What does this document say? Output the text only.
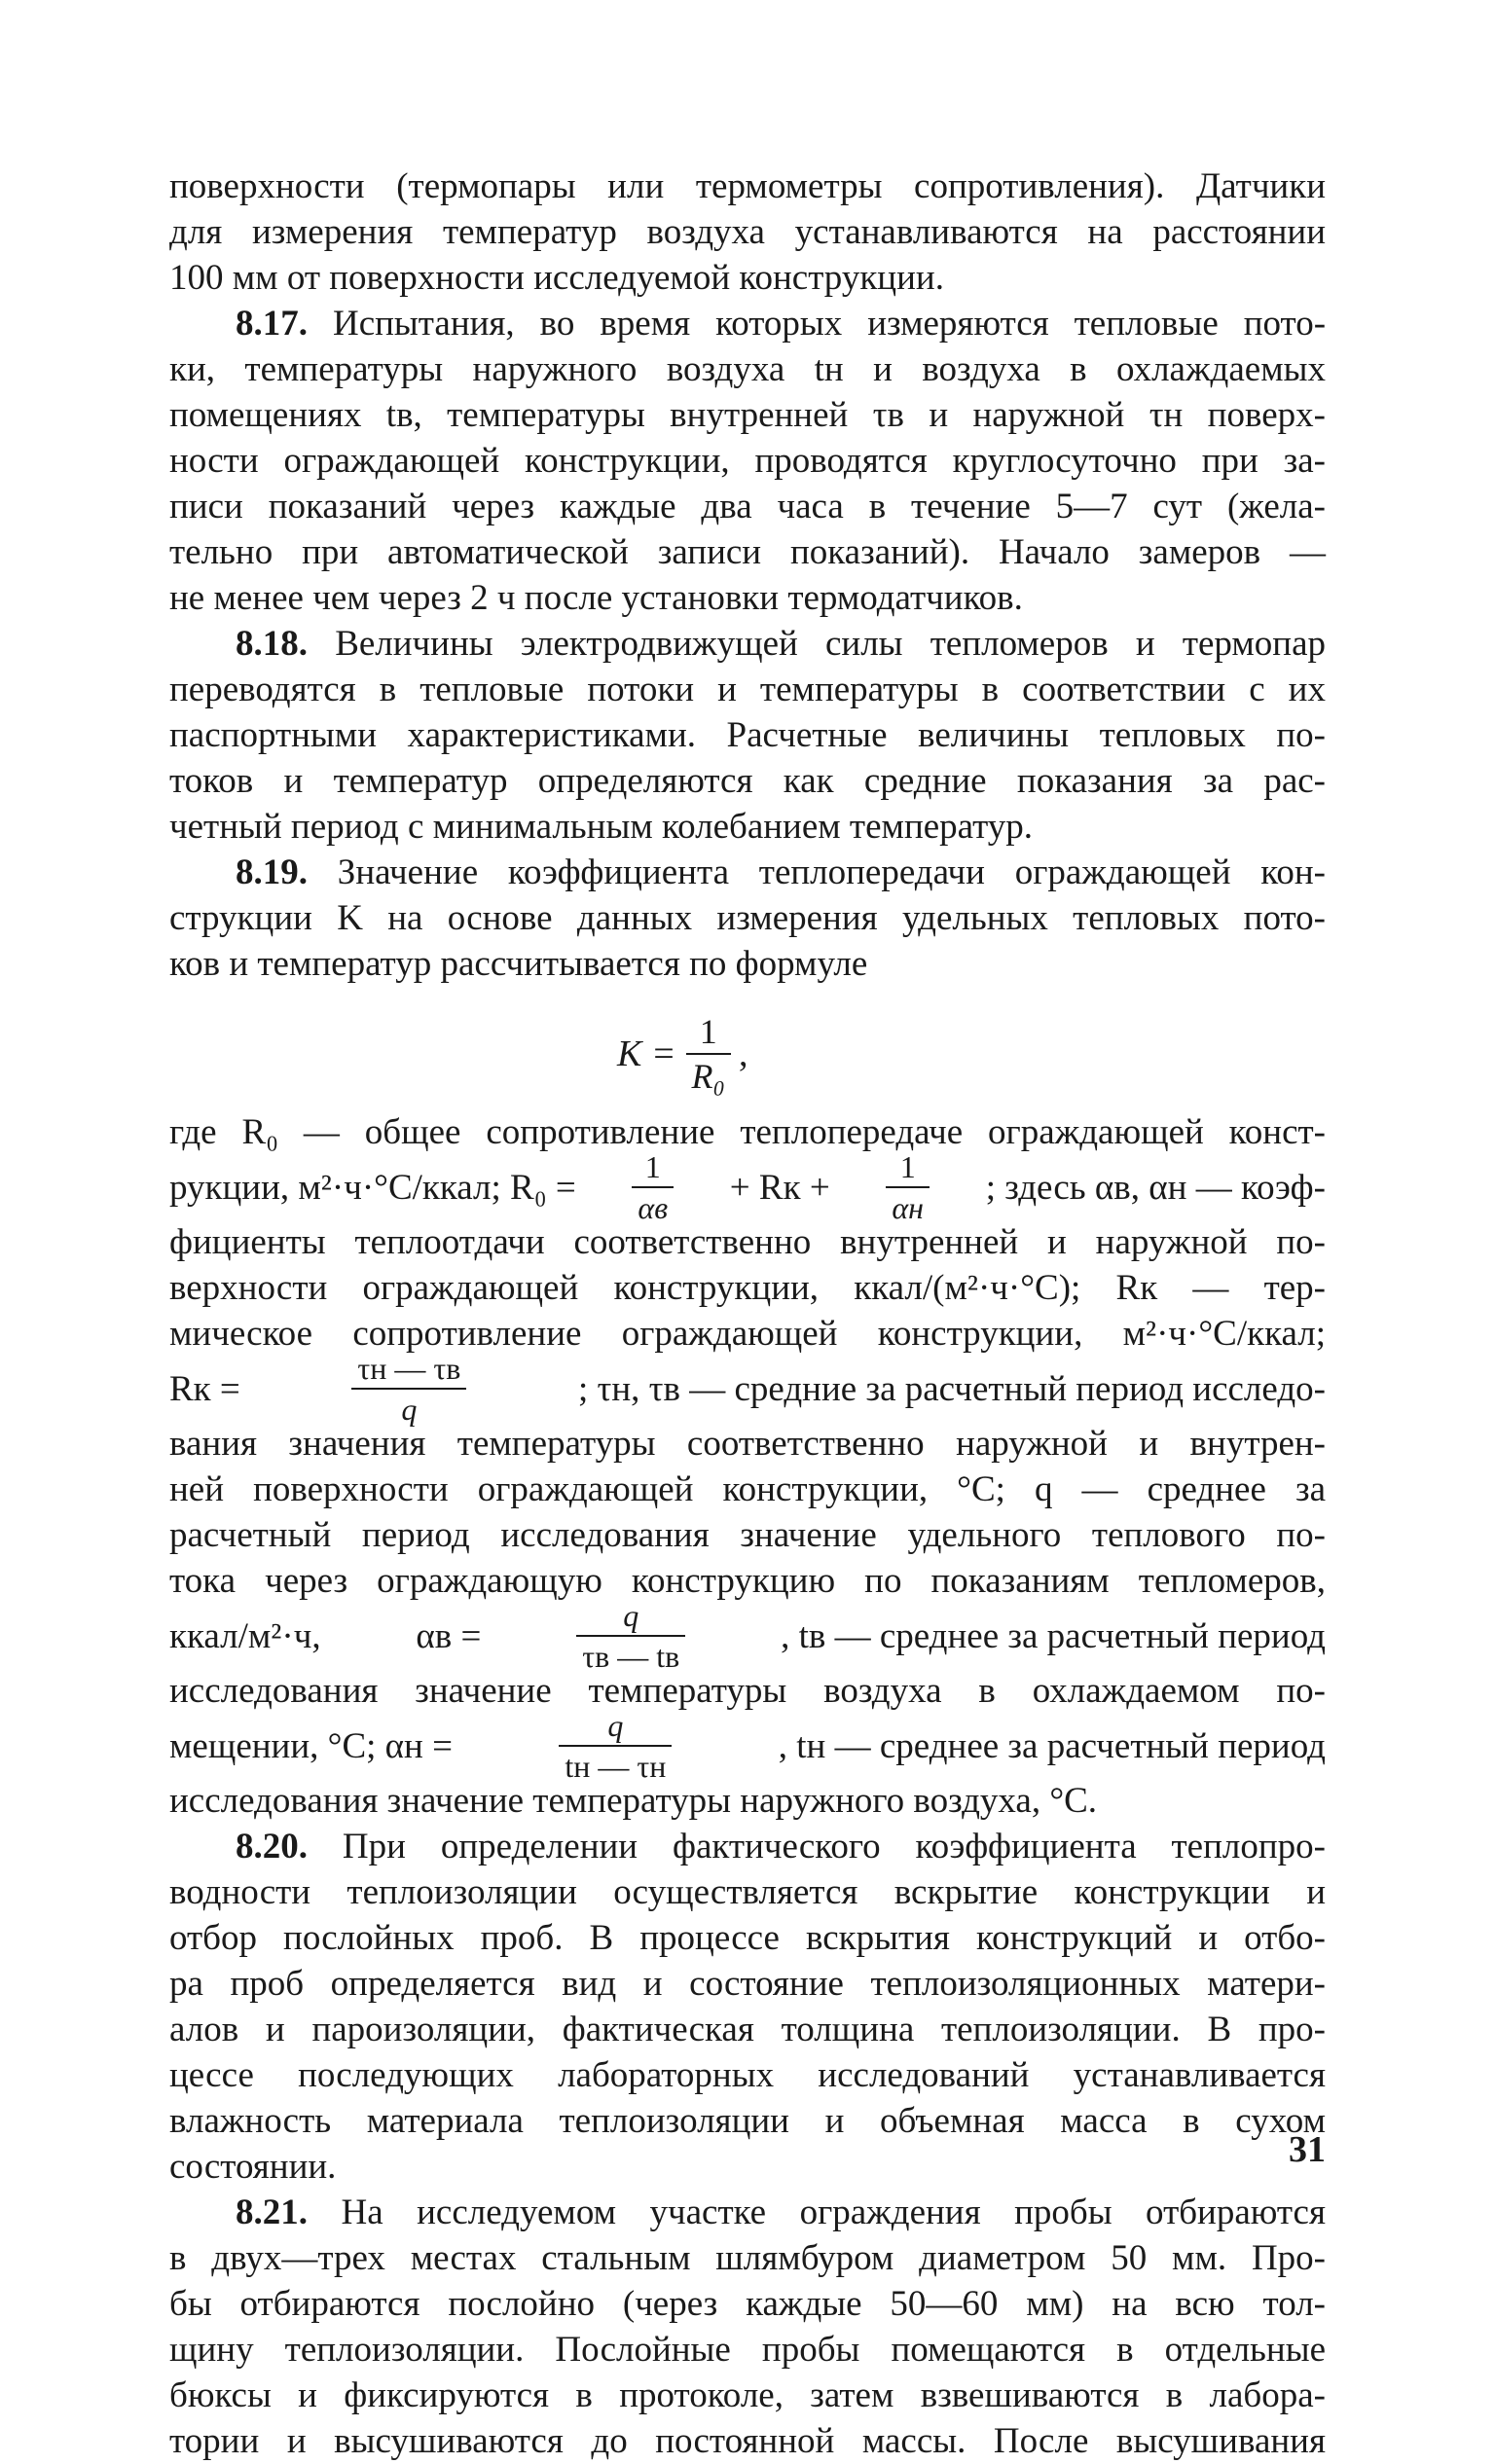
поверхности (термопары или термометры сопротивления). Датчики
для измерения температур воздуха устанавливаются на расстоянии
100 мм от поверхности исследуемой конструкции.
8.17. Испытания, во время которых измеряются тепловые пото-
ки, температуры наружного воздуха tн и воздуха в охлаждаемых
помещениях tв, температуры внутренней τв и наружной τн поверх-
ности ограждающей конструкции, проводятся круглосуточно при за-
писи показаний через каждые два часа в течение 5—7 сут (жела-
тельно при автоматической записи показаний). Начало замеров —
не менее чем через 2 ч после установки термодатчиков.
8.18. Величины электродвижущей силы тепломеров и термопар
переводятся в тепловые потоки и температуры в соответствии с их
паспортными характеристиками. Расчетные величины тепловых по-
токов и температур определяются как средние показания за рас-
четный период с минимальным колебанием температур.
8.19. Значение коэффициента теплопередачи ограждающей кон-
струкции K на основе данных измерения удельных тепловых пото-
ков и температур рассчитывается по формуле
$K = \frac{1}{\text{R₀}}$ ,
где R₀ — общее сопротивление теплопередаче ограждающей конст-
рукции, м²·ч·°С/ккал; $R_0 = \frac{1}{\alpha в}$ + Rк + $\frac{1}{\alpha н}$ ; здесь αв, αн — коэф-
фициенты теплоотдачи соответственно внутренней и наружной по-
верхности ограждающей конструкции, ккал/(м²·ч·°С); Rк — тер-
мическое сопротивление ограждающей конструкции, м²·ч·°С/ккал;
Rк =	$\frac{\tau н — \tau в}{q}$	; τн, τв — средние за расчетный период исследо-
вания значения температуры соответственно наружной и внутрен-
ней поверхности ограждающей конструкции, °С; q — среднее за
расчетный период исследования значение удельного теплового по-
тока через ограждающую конструкцию по показаниям тепломеров,
ккал/м²·ч,	αв =	$\frac{q}{\tau в — tв}$	, tв — среднее за расчетный период
исследования значение температуры воздуха в охлаждаемом по-
мещении, °С; αн =	$\frac{q}{tн — \tau н}$	, tн — среднее за расчетный период
исследования значение температуры наружного воздуха, °С.
8.20. При определении фактического коэффициента теплопро-
водности теплоизоляции осуществляется вскрытие конструкции и
отбор послойных проб. В процессе вскрытия конструкций и отбо-
ра проб определяется вид и состояние теплоизоляционных матери-
алов и пароизоляции, фактическая толщина теплоизоляции. В про-
цессе последующих лабораторных исследований устанавливается
влажность материала теплоизоляции и объемная масса в сухом
состоянии.
8.21. На исследуемом участке ограждения пробы отбираются
в двух—трех местах стальным шлямбуром диаметром 50 мм. Про-
бы отбираются послойно (через каждые 50—60 мм) на всю тол-
щину теплоизоляции. Послойные пробы помещаются в отдельные
бюксы и фиксируются в протоколе, затем взвешиваются в лабора-
тории и высушиваются до постоянной массы. После высушивания
31
